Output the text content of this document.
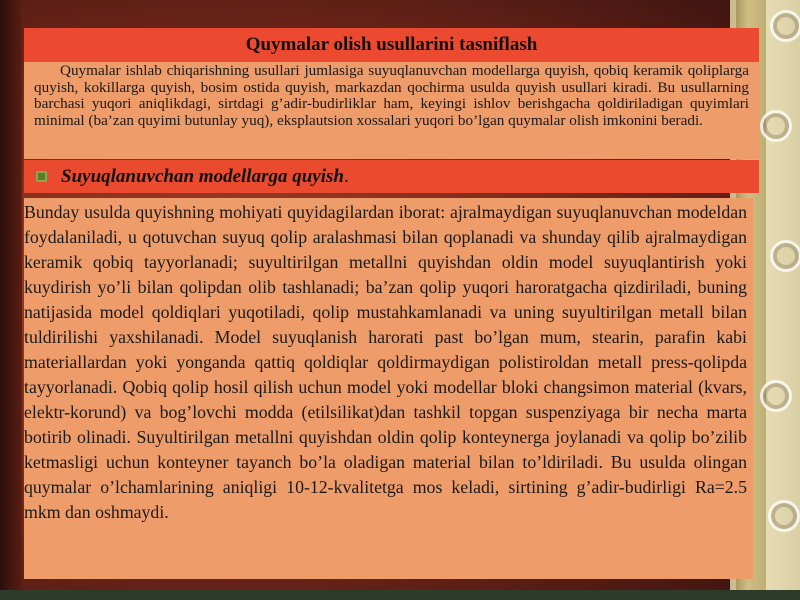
Quymalar olish usullarini tasniflash
Quymalar ishlab chiqarishning usullari jumlasiga suyuqlanuvchan modellarga quyish, qobiq keramik qoliplarga quyish, kokillarga quyish, bosim ostida quyish, markazdan qochirma usulda quyish usullari kiradi. Bu usullarning barchasi yuqori aniqlikdagi, sirtdagi g’adir-budirliklar ham, keyingi ishlov berishgacha qoldiriladigan quyimlari minimal (ba’zan quyimi butunlay yuq), eksplautsion xossalari yuqori bo’lgan quymalar olish imkonini beradi.
Suyuqlanuvchan modellarga quyish .

Bunday usulda quyishning mohiyati quyidagilardan iborat: ajralmaydigan suyuqlanuvchan modeldan foydalaniladi, u qotuvchan suyuq qolip aralashmasi bilan qoplanadi va shunday qilib ajralmaydigan keramik qobiq tayyorlanadi; suyultirilgan metallni quyishdan oldin model suyuqlantirish yoki kuydirish yo’li bilan qolipdan olib tashlanadi; ba’zan qolip yuqori haroratgacha qizdiriladi, buning natijasida model qoldiqlari yuqotiladi, qolip mustahkamlanadi va uning suyultirilgan metall bilan tuldirilishi yaxshilanadi. Model suyuqlanish harorati past bo’lgan mum, stearin, parafin kabi materiallardan yoki yonganda qattiq qoldiqlar qoldirmaydigan polistiroldan metall press-qolipda tayyorlanadi. Qobiq qolip hosil qilish uchun model yoki modellar bloki changsimon material (kvars, elektr-korund) va bog’lovchi modda (etilsilikat)dan tashkil topgan suspenziyaga bir necha marta botirib olinadi. Suyultirilgan metallni quyishdan oldin qolip konteynerga joylanadi va qolip bo’zilib ketmasligi uchun konteyner tayanch bo’la oladigan material bilan to’ldiriladi. Bu usulda olingan quymalar o’lchamlarining aniqligi 10-12-kvalitetga mos keladi, sirtining g’adir-budirligi Ra=2.5 mkm dan oshmaydi.
